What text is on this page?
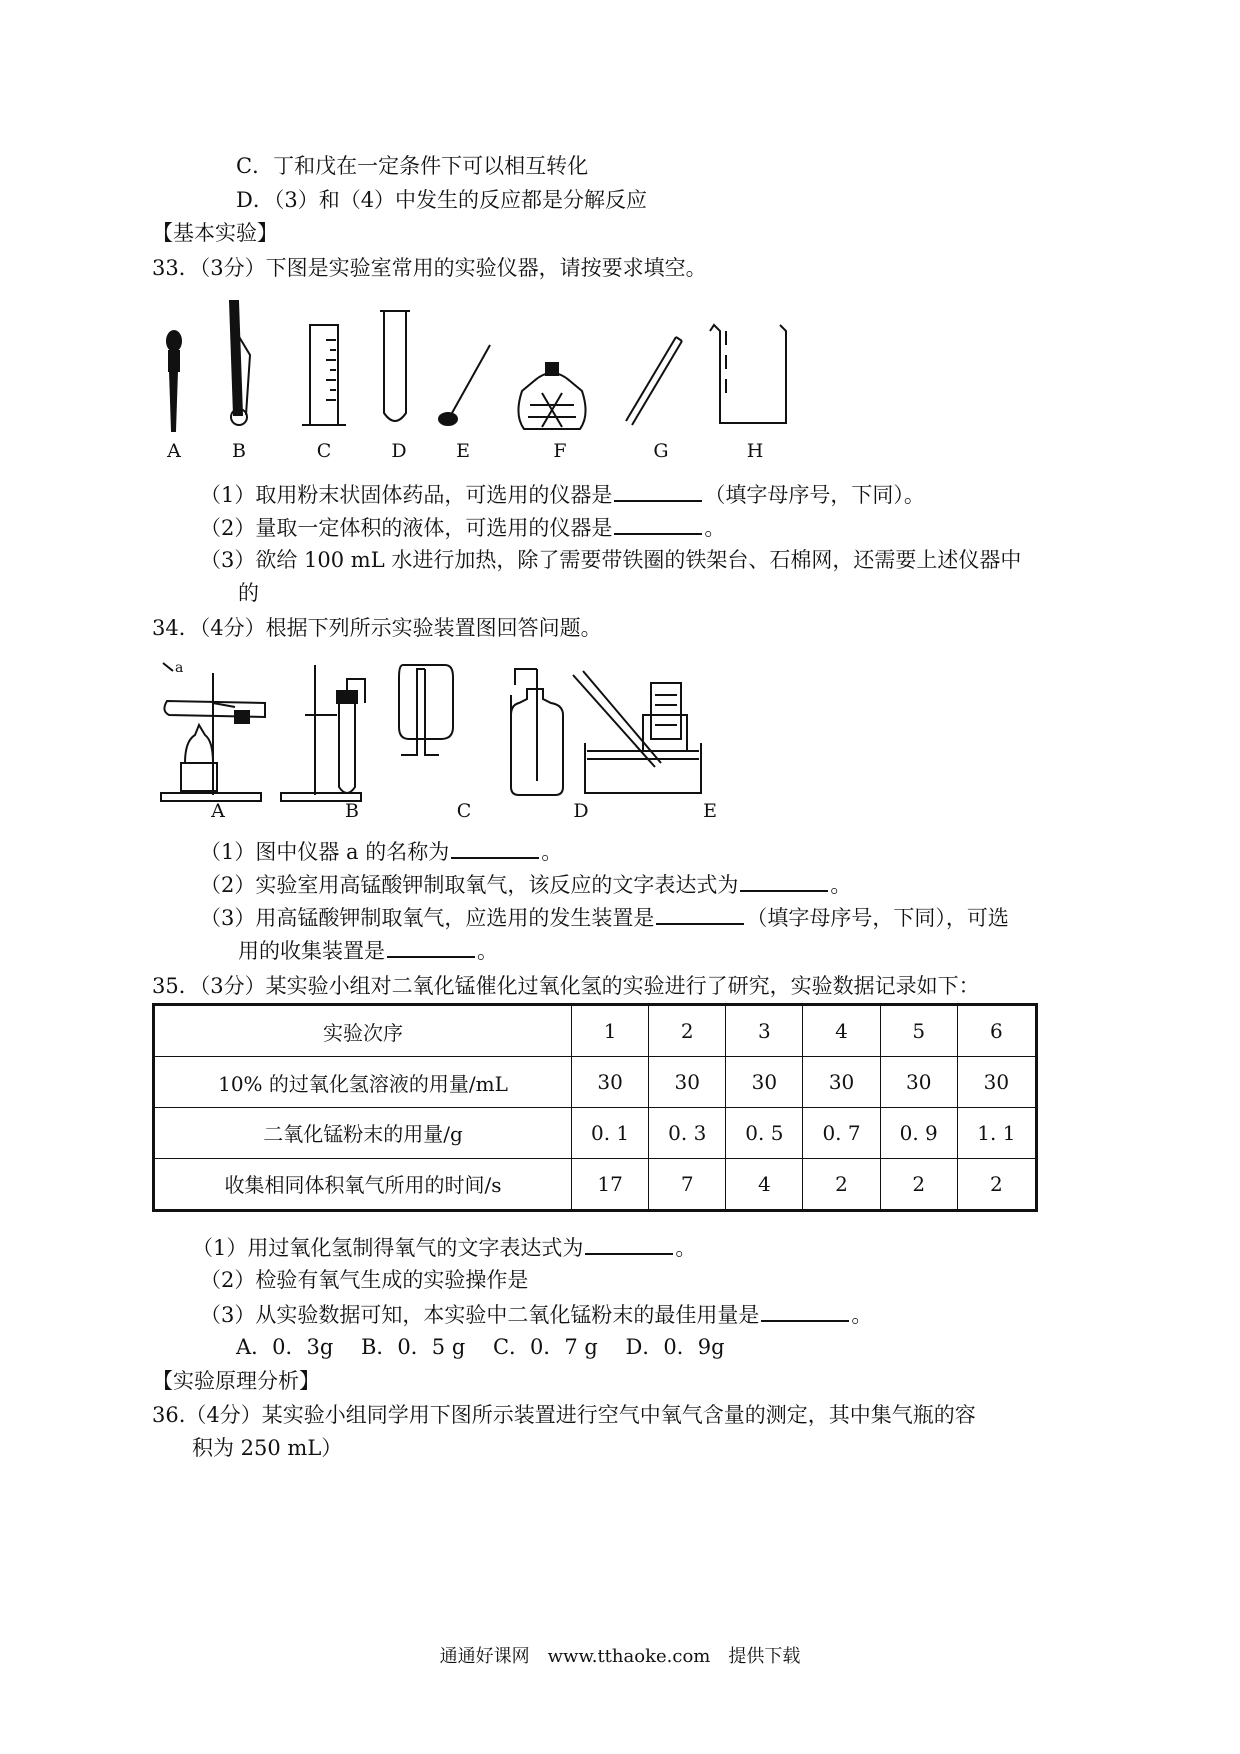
C．丁和戊在一定条件下可以相互转化
D．（3）和（4）中发生的反应都是分解反应
【基本实验】
33．（3分）下图是实验室常用的实验仪器，请按要求填空。
A	B	C	D	E	F	G	H
（1）取用粉末状固体药品，可选用的仪器是	（填字母序号，下同）。
（2）量取一定体积的液体，可选用的仪器是	。
（3）欲给 100 mL 水进行加热，除了需要带铁圈的铁架台、石棉网，还需要上述仪器中
的
34．（4分）根据下列所示实验装置图回答问题。
a
A	B	C	D	E
（1）图中仪器 a 的名称为	。
（2）实验室用高锰酸钾制取氧气，该反应的文字表达式为	。
（3）用高锰酸钾制取氧气，应选用的发生装置是	（填字母序号，下同），可选
用的收集装置是	。
35．（3分）某实验小组对二氧化锰催化过氧化氢的实验进行了研究，实验数据记录如下：
实验次序	1	2	3	4	5	6
10% 的过氧化氢溶液的用量/mL	30	30	30	30	30	30
二氧化锰粉末的用量/g	0. 1	0. 3	0. 5	0. 7	0. 9	1. 1
收集相同体积氧气所用的时间/s	17	7	4	2	2	2
（1）用过氧化氢制得氧气的文字表达式为	。
（2）检验有氧气生成的实验操作是
（3）从实验数据可知，本实验中二氧化锰粉末的最佳用量是	。
A．0．3g　 B．0．5 g　 C．0．7 g　 D．0．9g
【实验原理分析】
36.（4分）某实验小组同学用下图所示装置进行空气中氧气含量的测定，其中集气瓶的容
积为 250 mL）
通通好课网　www.tthaoke.com　提供下载
